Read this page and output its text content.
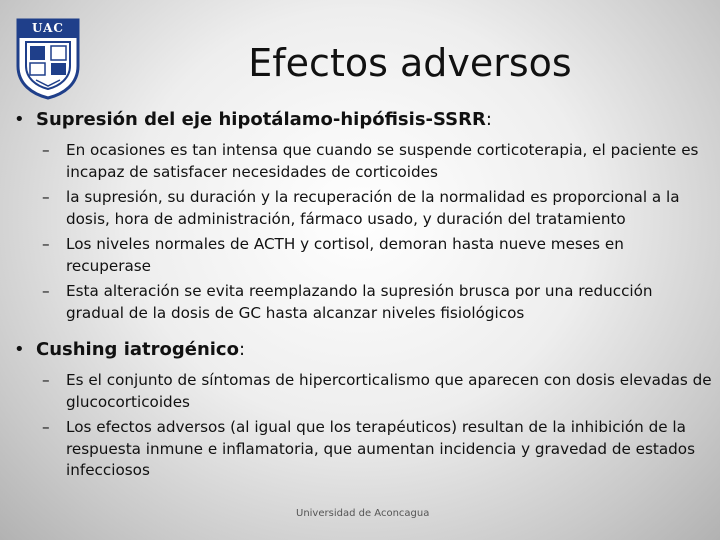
UAC
Efectos adversos
• Supresión del eje hipotálamo-hipófisis-SSRR:
– En ocasiones es tan intensa que cuando se suspende corticoterapia, el paciente es incapaz de satisfacer necesidades de corticoides
– la supresión, su duración y la recuperación de la normalidad es proporcional a la dosis, hora de administración, fármaco usado, y duración del tratamiento
– Los niveles normales de ACTH y cortisol, demoran hasta nueve meses en recuperase
– Esta alteración se evita reemplazando la supresión brusca por una reducción gradual de la dosis de GC hasta alcanzar niveles fisiológicos
• Cushing iatrogénico:
– Es el conjunto de síntomas de hipercorticalismo que aparecen con dosis elevadas de glucocorticoides
– Los efectos adversos (al igual que los terapéuticos) resultan de la inhibición de la respuesta inmune e inflamatoria, que aumentan incidencia y gravedad de estados infecciosos
Universidad de Aconcagua
